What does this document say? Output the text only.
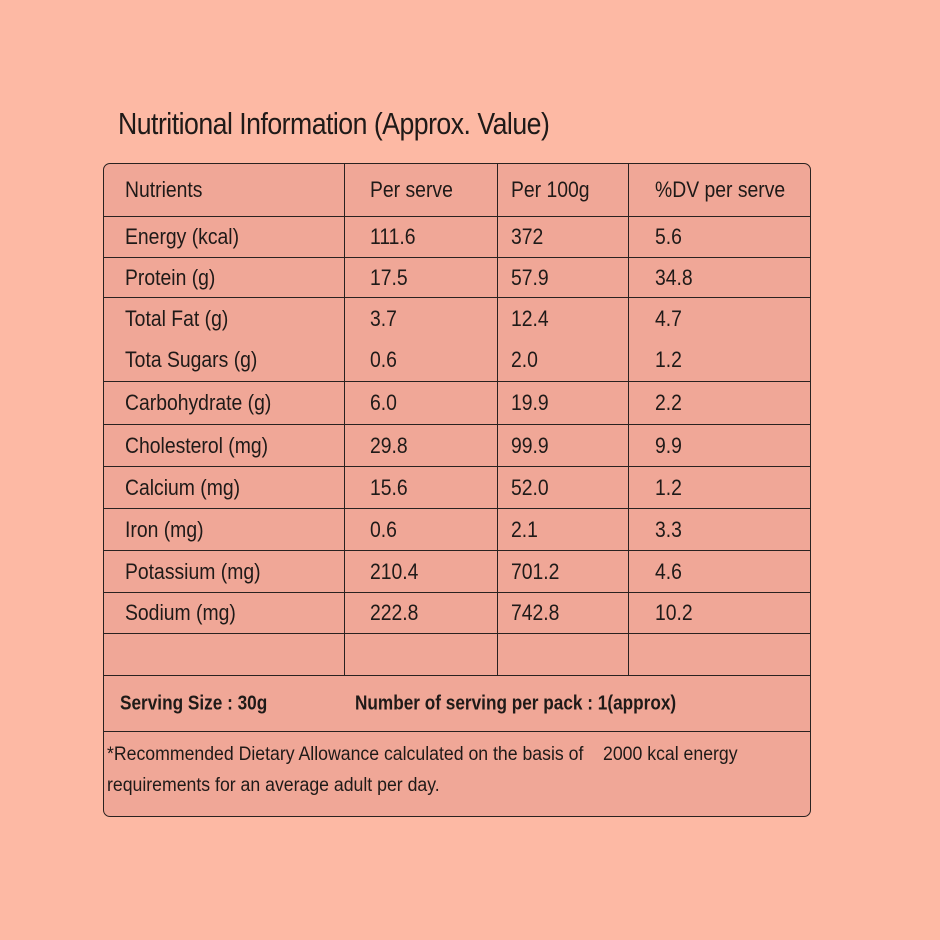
Nutritional Information (Approx. Value)
Nutrients	Per serve	Per 100g	%DV per serve
Energy (kcal)	111.6	372	5.6
Protein (g)	17.5	57.9	34.8
Total Fat (g)	3.7	12.4	4.7
Tota Sugars (g)	0.6	2.0	1.2
Carbohydrate (g)	6.0	19.9	2.2
Cholesterol (mg)	29.8	99.9	9.9
Calcium (mg)	15.6	52.0	1.2
Iron (mg)	0.6	2.1	3.3
Potassium (mg)	210.4	701.2	4.6
Sodium (mg)	222.8	742.8	10.2
Serving Size : 30g	Number of serving per pack : 1(approx)
*Recommended Dietary Allowance calculated on the basis of    2000 kcal energy
requirements for an average adult per day.
